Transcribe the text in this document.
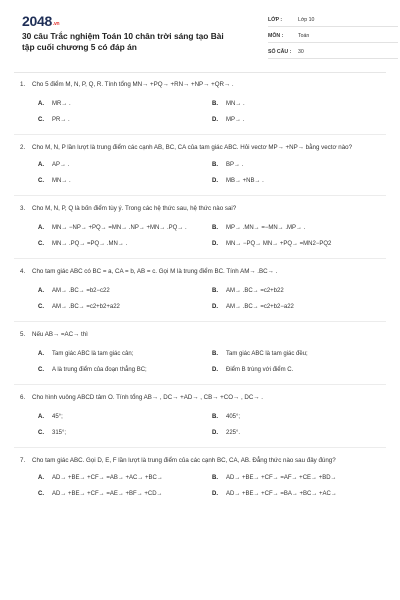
$2048^{.vn}$
30 câu Trắc nghiệm Toán 10 chân trời sáng tạo Bài tập cuối chương 5 có đáp án
LỚP :	Lớp 10
MÔN :	Toán
SỐ CÂU :	30
1.	Cho 5 điểm M, N, P, Q, R. Tính tổng MN→ +PQ→ +RN→ +NP→ +QR→ .
A.	MR→ .	B.	MN→ .
C.	PR→ .	D.	MP→ .
2.	Cho M, N, P lần lượt là trung điểm các cạnh AB, BC, CA của tam giác ABC. Hỏi vectơ MP→ +NP→ bằng vectơ nào?
A.	AP→ .	B.	BP→ .
C.	MN→ .	D.	MB→ +NB→ .
3.	Cho M, N, P, Q là bốn điểm tùy ý. Trong các hệ thức sau, hệ thức nào sai?
A.	MN→ −NP→ +PQ→ =MN→ .NP→ +MN→ .PQ→ .	B.	MP→ .MN→ =−MN→ .MP→ .
C.	MN→ .PQ→ =PQ→ .MN→ .	D.	MN→ −PQ→ MN→ +PQ→ =MN2−PQ2
4.	Cho tam giác ABC có BC = a, CA = b, AB = c. Gọi M là trung điểm BC. Tính AM→ .BC→ .
A.	AM→ .BC→ =b2−c22	B.	AM→ .BC→ =c2+b22
C.	AM→ .BC→ =c2+b2+a22	D.	AM→ .BC→ =c2+b2−a22
5.	Nếu AB→ =AC→ thì
A.	Tam giác ABC là tam giác cân;	B.	Tam giác ABC là tam giác đều;
C.	A là trung điểm của đoạn thẳng BC;	D.	Điểm B trùng với điểm C.
6.	Cho hình vuông ABCD tâm O. Tính tổng AB→ , DC→ +AD→ , CB→ +CO→ , DC→ .
A.	45°;	B.	405°;
C.	315°;	D.	225°.
7.	Cho tam giác ABC. Gọi D, E, F lần lượt là trung điểm của các cạnh BC, CA, AB. Đẳng thức nào sau đây đúng?
A.	AD→ +BE→ +CF→ =AB→ +AC→ +BC→	B.	AD→ +BE→ +CF→ =AF→ +CE→ +BD→
C.	AD→ +BE→ +CF→ =AE→ +BF→ +CD→	D.	AD→ +BE→ +CF→ =BA→ +BC→ +AC→
